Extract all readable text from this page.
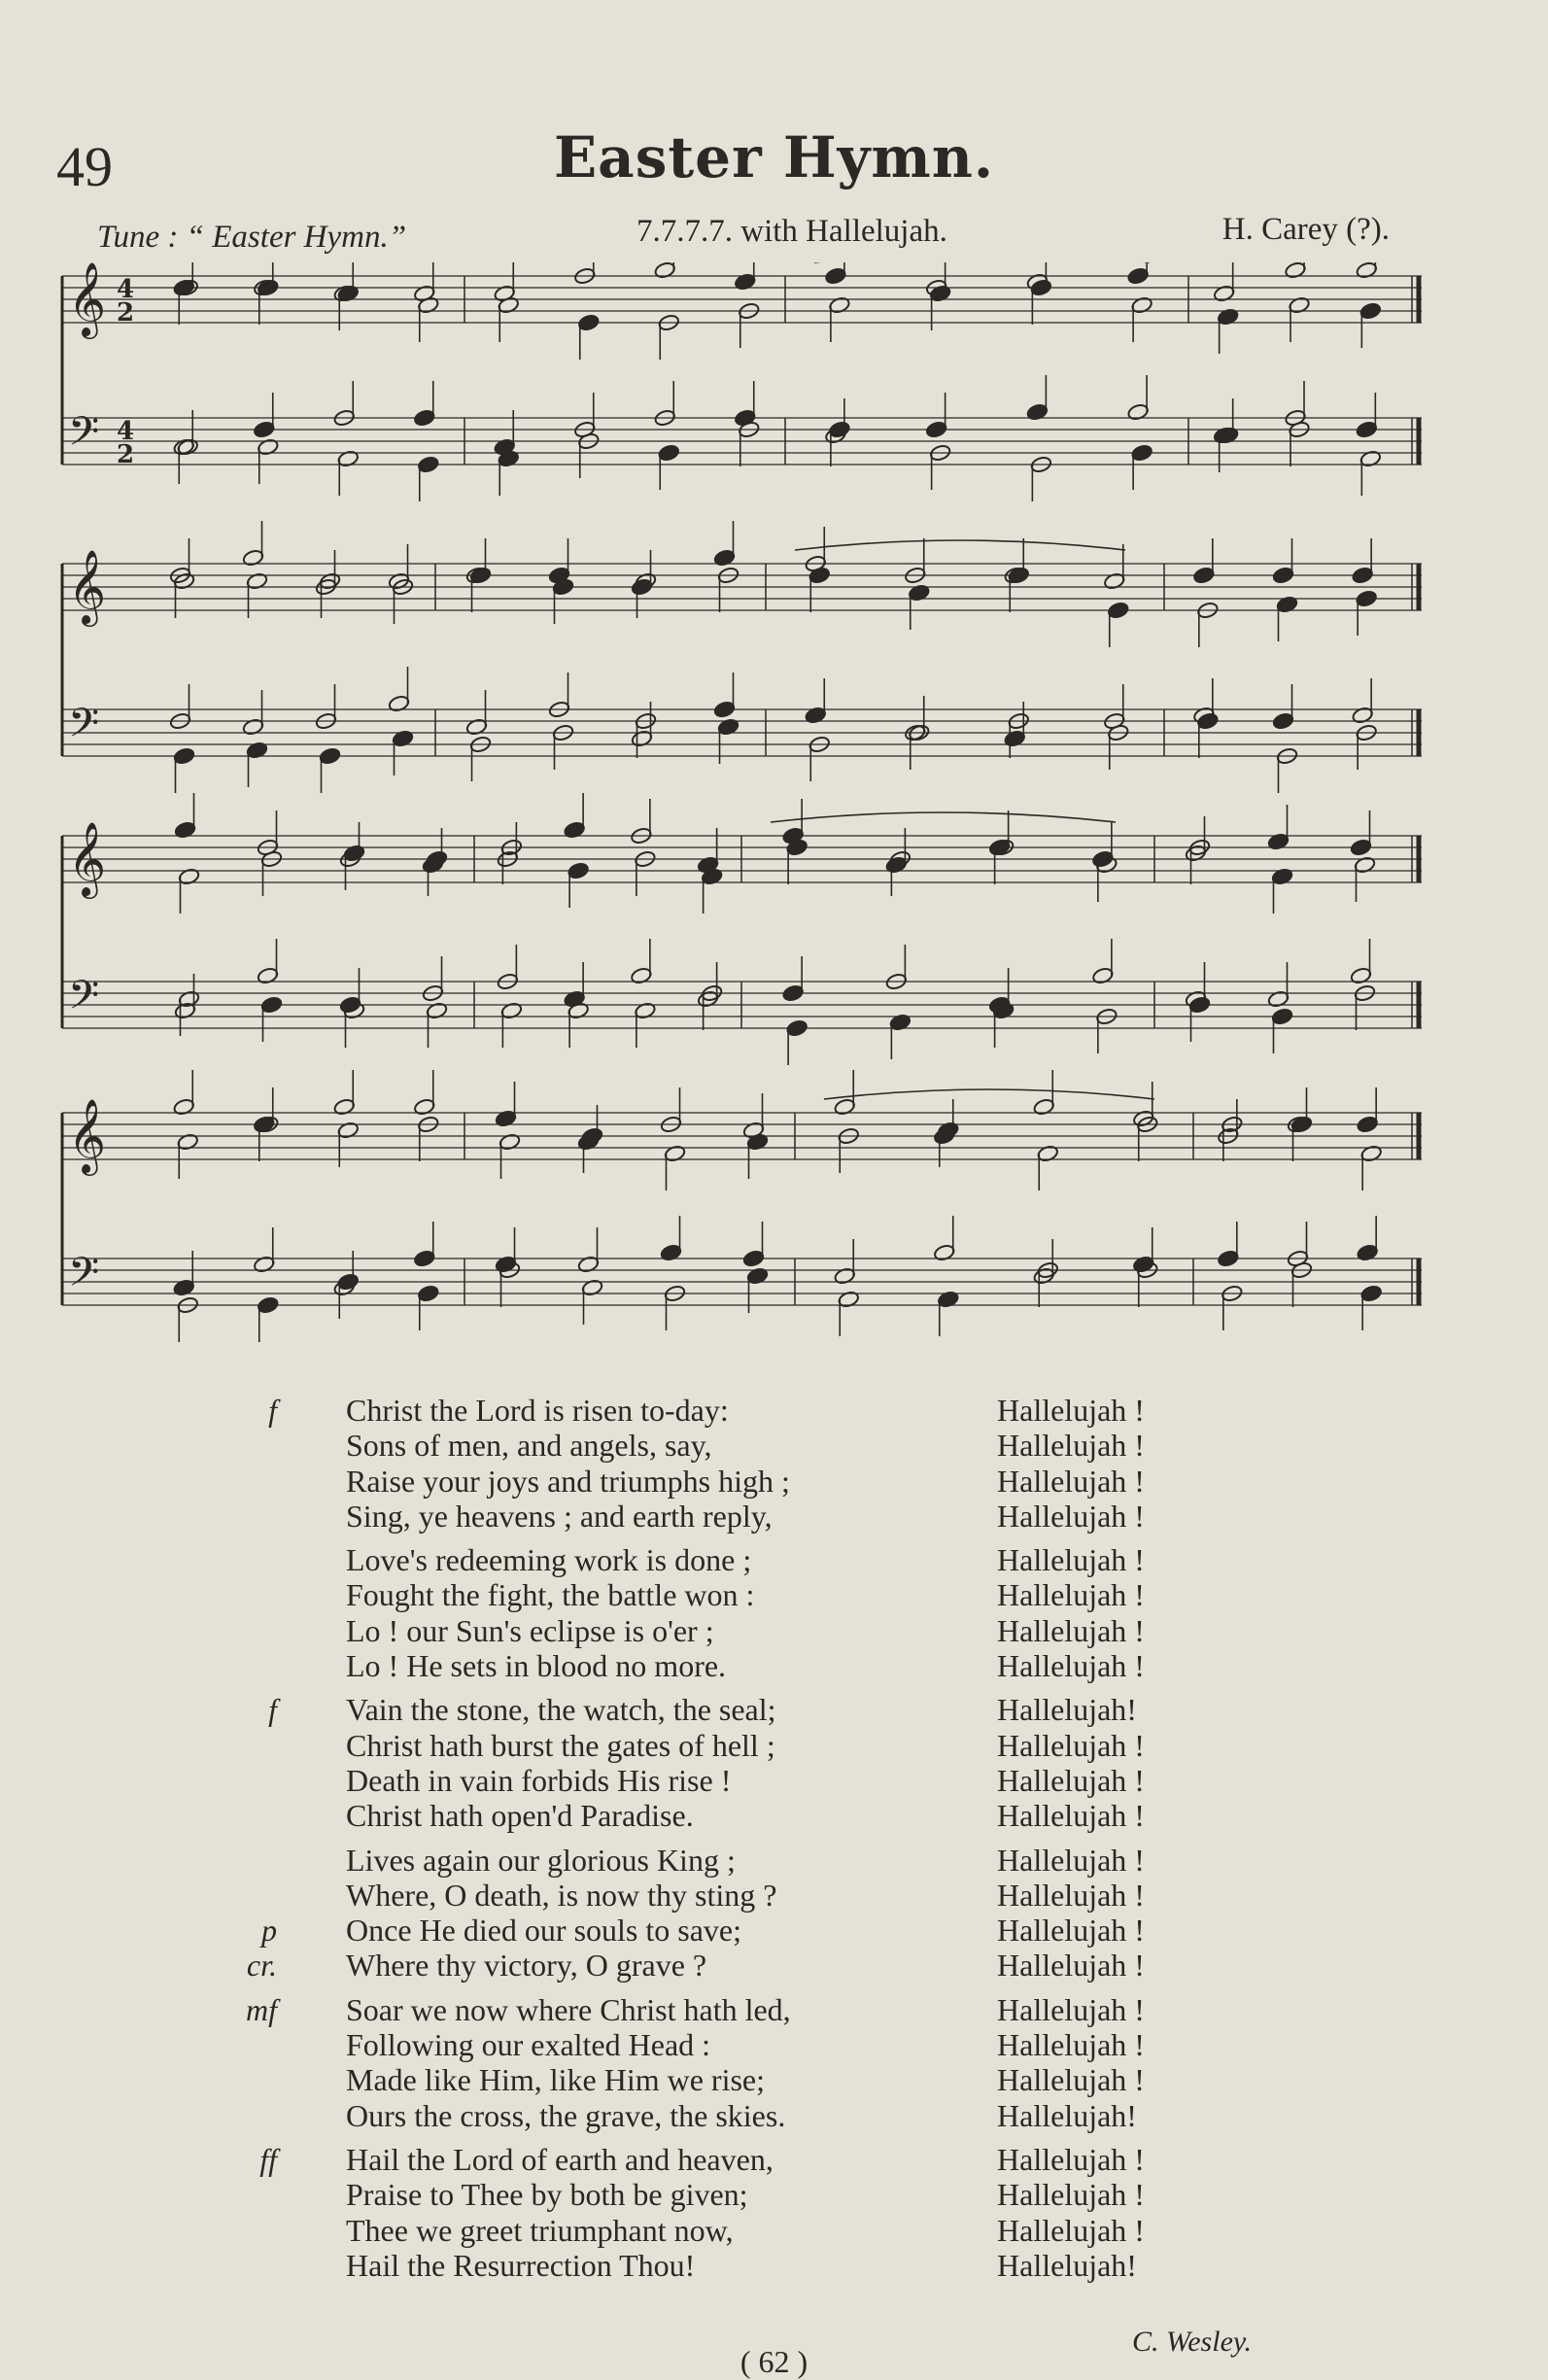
49	Easter Hymn.
Tune : “ Easter Hymn.”	7.7.7.7. with Hallelujah.	H. Carey (?).
𝄞
𝄢
𝄞
𝄢
𝄞
𝄢
𝄞
𝄢
4
2
4
2
f Christ the Lord is risen to-day:	Hallelujah !
Sons of men, and angels, say,	Hallelujah !
Raise your joys and triumphs high ;	Hallelujah !
Sing, ye heavens ; and earth reply,	Hallelujah !
Love's redeeming work is done ;	Hallelujah !
Fought the fight, the battle won :	Hallelujah !
Lo ! our Sun's eclipse is o'er ;	Hallelujah !
Lo ! He sets in blood no more.	Hallelujah !
f Vain the stone, the watch, the seal;	Hallelujah!
Christ hath burst the gates of hell ;	Hallelujah !
Death in vain forbids His rise !	Hallelujah !
Christ hath open'd Paradise.	Hallelujah !
Lives again our glorious King ;	Hallelujah !
Where, O death, is now thy sting ?	Hallelujah !
p Once He died our souls to save;	Hallelujah !
cr. Where thy victory, O grave ?	Hallelujah !
mf Soar we now where Christ hath led,	Hallelujah !
Following our exalted Head :	Hallelujah !
Made like Him, like Him we rise;	Hallelujah !
Ours the cross, the grave, the skies.	Hallelujah!
ff Hail the Lord of earth and heaven,	Hallelujah !
Praise to Thee by both be given;	Hallelujah !
Thee we greet triumphant now,	Hallelujah !
Hail the Resurrection Thou!	Hallelujah!
C. Wesley.
( 62 )
